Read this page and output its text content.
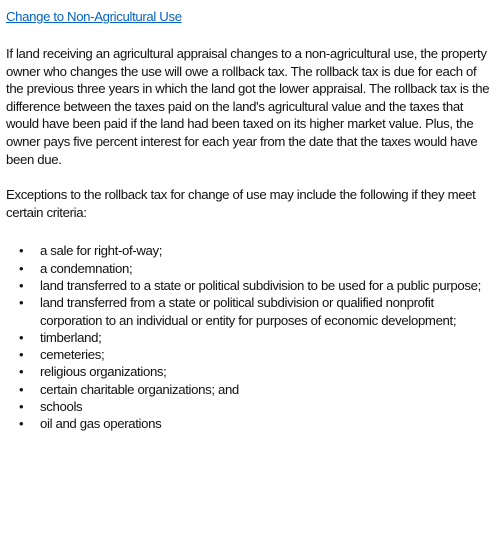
Change to Non-Agricultural Use

If land receiving an agricultural appraisal changes to a non-agricultural use, the property owner who changes the use will owe a rollback tax. The rollback tax is due for each of the previous three years in which the land got the lower appraisal. The rollback tax is the difference between the taxes paid on the land's agricultural value and the taxes that would have been paid if the land had been taxed on its higher market value. Plus, the owner pays five percent interest for each year from the date that the taxes would have been due.

Exceptions to the rollback tax for change of use may include the following if they meet certain criteria:

• a sale for right-of-way;
• a condemnation;
• land transferred to a state or political subdivision to be used for a public purpose;
• land transferred from a state or political subdivision or qualified nonprofit corporation to an individual or entity for purposes of economic development;
• timberland;
• cemeteries;
• religious organizations;
• certain charitable organizations; and
• schools
• oil and gas operations
